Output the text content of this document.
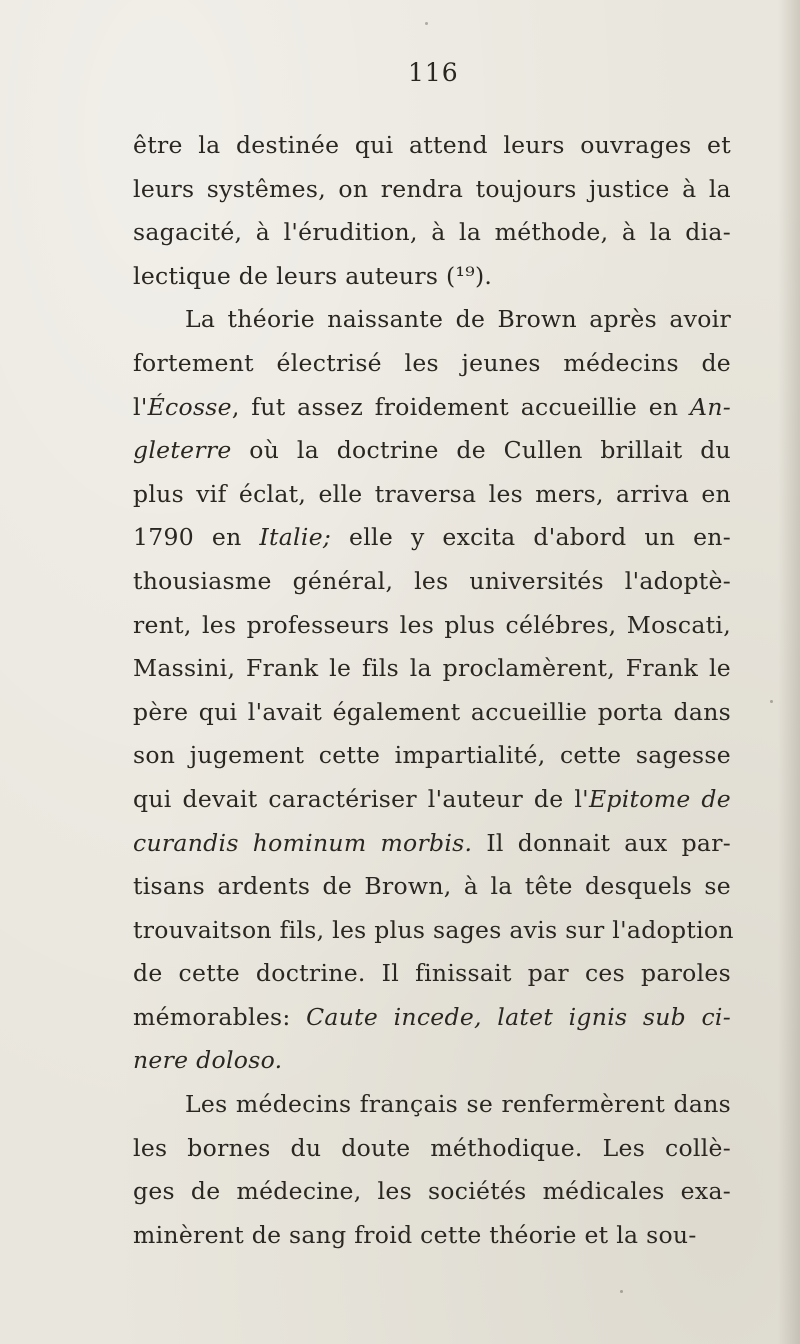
116
être la destinée qui attend leurs ouvrages et
leurs systêmes, on rendra toujours justice à la
sagacité, à l'érudition, à la méthode, à la dia-
lectique de leurs auteurs (¹⁹).
La théorie naissante de Brown après avoir
fortement électrisé les jeunes médecins de
l'Écosse, fut assez froidement accueillie en An-
gleterre où la doctrine de Cullen brillait du
plus vif éclat, elle traversa les mers, arriva en
1790 en Italie; elle y excita d'abord un en-
thousiasme général, les universités l'adoptè-
rent, les professeurs les plus célébres, Moscati,
Massini, Frank le fils la proclamèrent, Frank le
père qui l'avait également accueillie porta dans
son jugement cette impartialité, cette sagesse
qui devait caractériser l'auteur de l'Epitome de
curandis hominum morbis. Il donnait aux par-
tisans ardents de Brown, à la tête desquels se
trouvaitson fils, les plus sages avis sur l'adoption
de cette doctrine. Il finissait par ces paroles
mémorables: Caute incede, latet ignis sub ci-
nere doloso.
Les médecins français se renfermèrent dans
les bornes du doute méthodique. Les collè-
ges de médecine, les sociétés médicales exa-
minèrent de sang froid cette théorie et la sou-
